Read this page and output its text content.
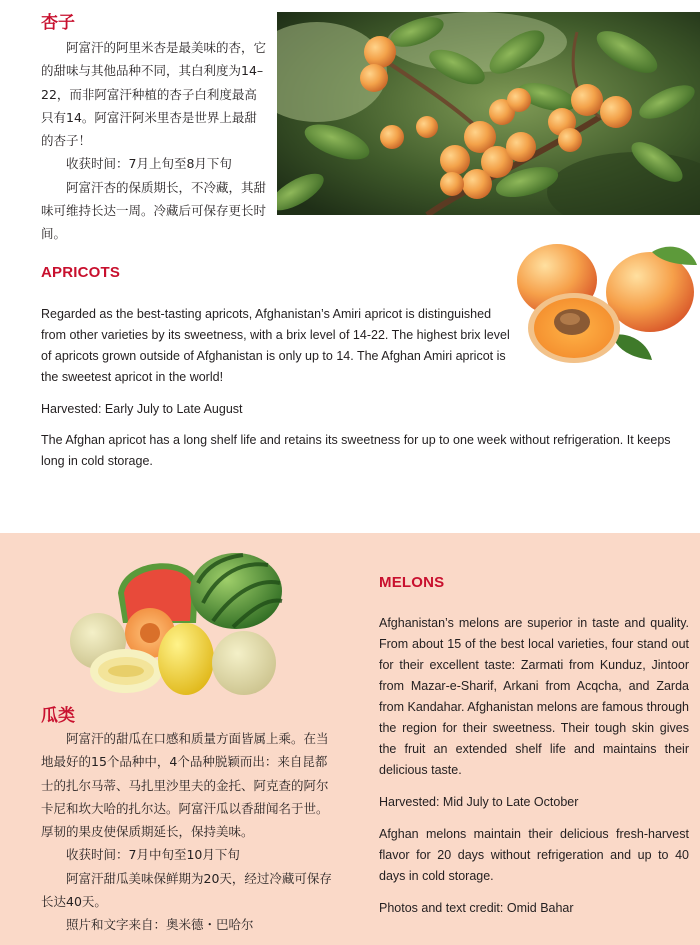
杏子

阿富汗的阿里米杏是最美味的杏，它的甜味与其他品种不同，其白利度为14–22，而非阿富汗种植的杏子白利度最高只有14。阿富汗阿米里杏是世界上最甜的杏子！

收获时间：7月上旬至8月下旬

阿富汗杏的保质期长，不冷藏，其甜味可维持长达一周。冷藏后可保存更长时间。

APRICOTS

Regarded as the best-tasting apricots, Afghanistan’s Amiri apricot is distinguished from other varieties by its sweetness, with a brix level of 14-22. The highest brix level of apricots grown outside of Afghanistan is only up to 14. The Afghan Amiri apricot is the sweetest apricot in the world!

Harvested: Early July to Late August

The Afghan apricot has a long shelf life and retains its sweetness for up to one week without refrigeration. It keeps long in cold storage.

瓜类

阿富汗的甜瓜在口感和质量方面皆属上乘。在当地最好的15个品种中，4个品种脱颖而出：来自昆都士的扎尔马蒂、马扎里沙里夫的金托、阿克查的阿尔卡尼和坎大哈的扎尔达。阿富汗瓜以香甜闻名于世。厚韧的果皮使保质期延长，保持美味。

收获时间：7月中旬至10月下旬

阿富汗甜瓜美味保鲜期为20天，经过冷藏可保存长达40天。

照片和文字来自：奥米德・巴哈尔

MELONS

Afghanistan’s melons are superior in taste and quality. From about 15 of the best local varieties, four stand out for their excellent taste: Zarmati from Kunduz, Jintoor from Mazar-e-Sharif, Arkani from Acqcha, and Zarda from Kandahar. Afghanistan melons are famous through the region for their sweetness. Their tough skin gives the fruit an extended shelf life and maintains their delicious taste.

Harvested: Mid July to Late October

Afghan melons maintain their delicious fresh-harvest flavor for 20 days without refrigeration and up to 40 days in cold storage.

Photos and text credit: Omid Bahar
